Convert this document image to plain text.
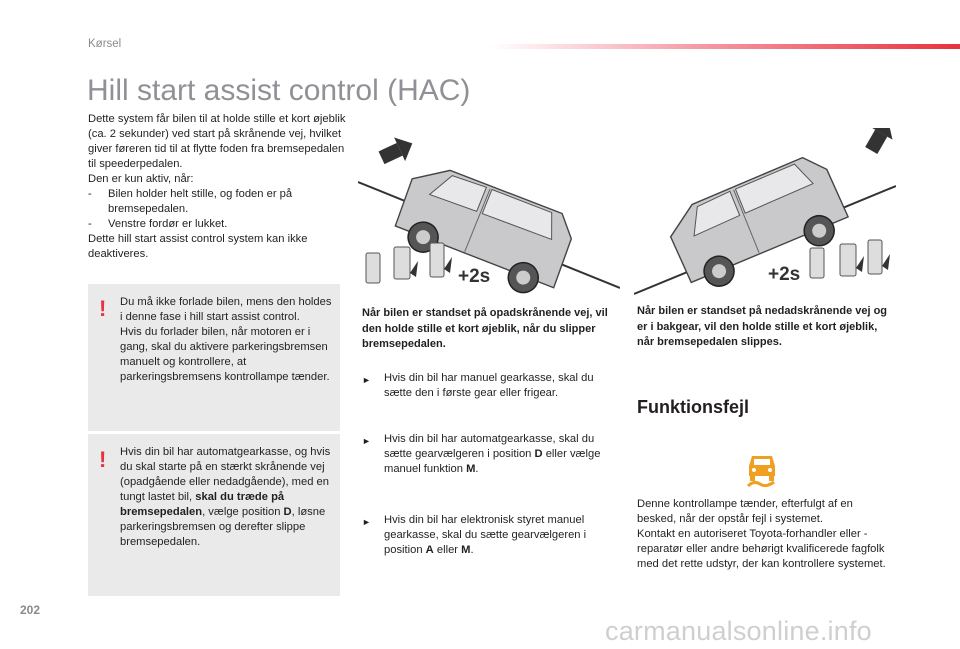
Kørsel
Hill start assist control (HAC)

Dette system får bilen til at holde stille et kort øjeblik (ca. 2 sekunder) ved start på skrånende vej, hvilket giver føreren tid til at flytte foden fra bremsepedalen til speederpedalen.

Den er kun aktiv, når:

-	Bilen holder helt stille, og foden er på bremsepedalen.
-	Venstre fordør er lukket.

Dette hill start assist control system kan ikke deaktiveres.

! Du må ikke forlade bilen, mens den holdes i denne fase i hill start assist control.
Hvis du forlader bilen, når motoren er i gang, skal du aktivere parkeringsbremsen manuelt og kontrollere, at parkeringsbremsens kontrollampe tænder.
! Hvis din bil har automatgearkasse, og hvis du skal starte på en stærkt skrånende vej (opadgående eller nedadgående), med en tungt lastet bil, skal du træde på bremsepedalen, vælge position D, løsne parkeringsbremsen og derefter slippe bremsepedalen.
+2s	+2s
Når bilen er standset på opadskrånende vej, vil den holde stille et kort øjeblik, når du slipper bremsepedalen.
Når bilen er standset på nedadskrånende vej og er i bakgear, vil den holde stille et kort øjeblik, når bremsepedalen slippes.
►	Hvis din bil har manuel gearkasse, skal du sætte den i første gear eller frigear.
►	Hvis din bil har automatgearkasse, skal du sætte gearvælgeren i position D eller vælge manuel funktion M.
►	Hvis din bil har elektronisk styret manuel gearkasse, skal du sætte gearvælgeren i position A eller M.
Funktionsfejl
Denne kontrollampe tænder, efterfulgt af en besked, når der opstår fejl i systemet.
Kontakt en autoriseret Toyota-forhandler eller -reparatør eller andre behørigt kvalificerede fagfolk med det rette udstyr, der kan kontrollere systemet.
202
carmanualsonline.info
